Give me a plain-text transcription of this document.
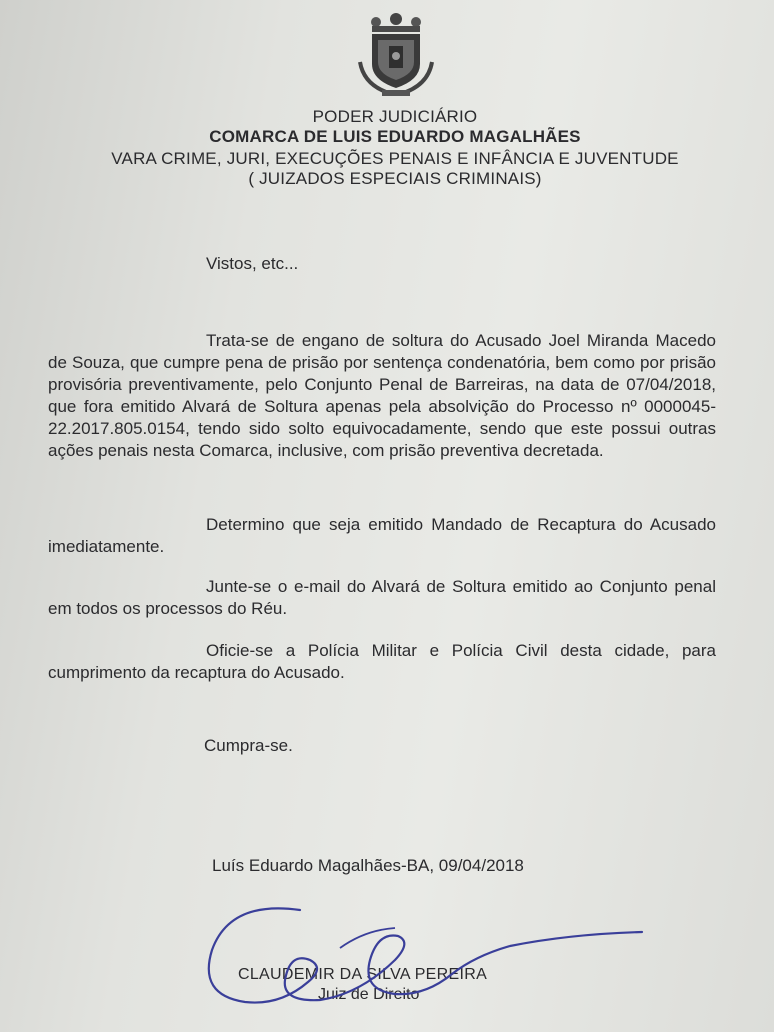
PODER JUDICIÁRIO
COMARCA DE LUIS EDUARDO MAGALHÃES
VARA CRIME, JURI, EXECUÇÕES PENAIS E INFÂNCIA E JUVENTUDE
( JUIZADOS ESPECIAIS CRIMINAIS)
Vistos, etc...

Trata-se de engano de soltura do Acusado Joel Miranda Macedo de Souza, que cumpre pena de prisão por sentença condenatória, bem como por prisão provisória preventivamente, pelo Conjunto Penal de Barreiras, na data de 07/04/2018, que fora emitido Alvará de Soltura apenas pela absolvição do Processo nº 0000045-22.2017.805.0154, tendo sido solto equivocadamente, sendo que este possui outras ações penais nesta Comarca, inclusive, com prisão preventiva decretada.

Determino que seja emitido Mandado de Recaptura do Acusado imediatamente.

Junte-se o e-mail do Alvará de Soltura emitido ao Conjunto penal em todos os processos do Réu.

Oficie-se a Polícia Militar e Polícia Civil desta cidade, para cumprimento da recaptura do Acusado.

Cumpra-se.
Luís Eduardo Magalhães-BA, 09/04/2018
CLAUDEMIR DA SILVA PEREIRA
Juiz de Direito
